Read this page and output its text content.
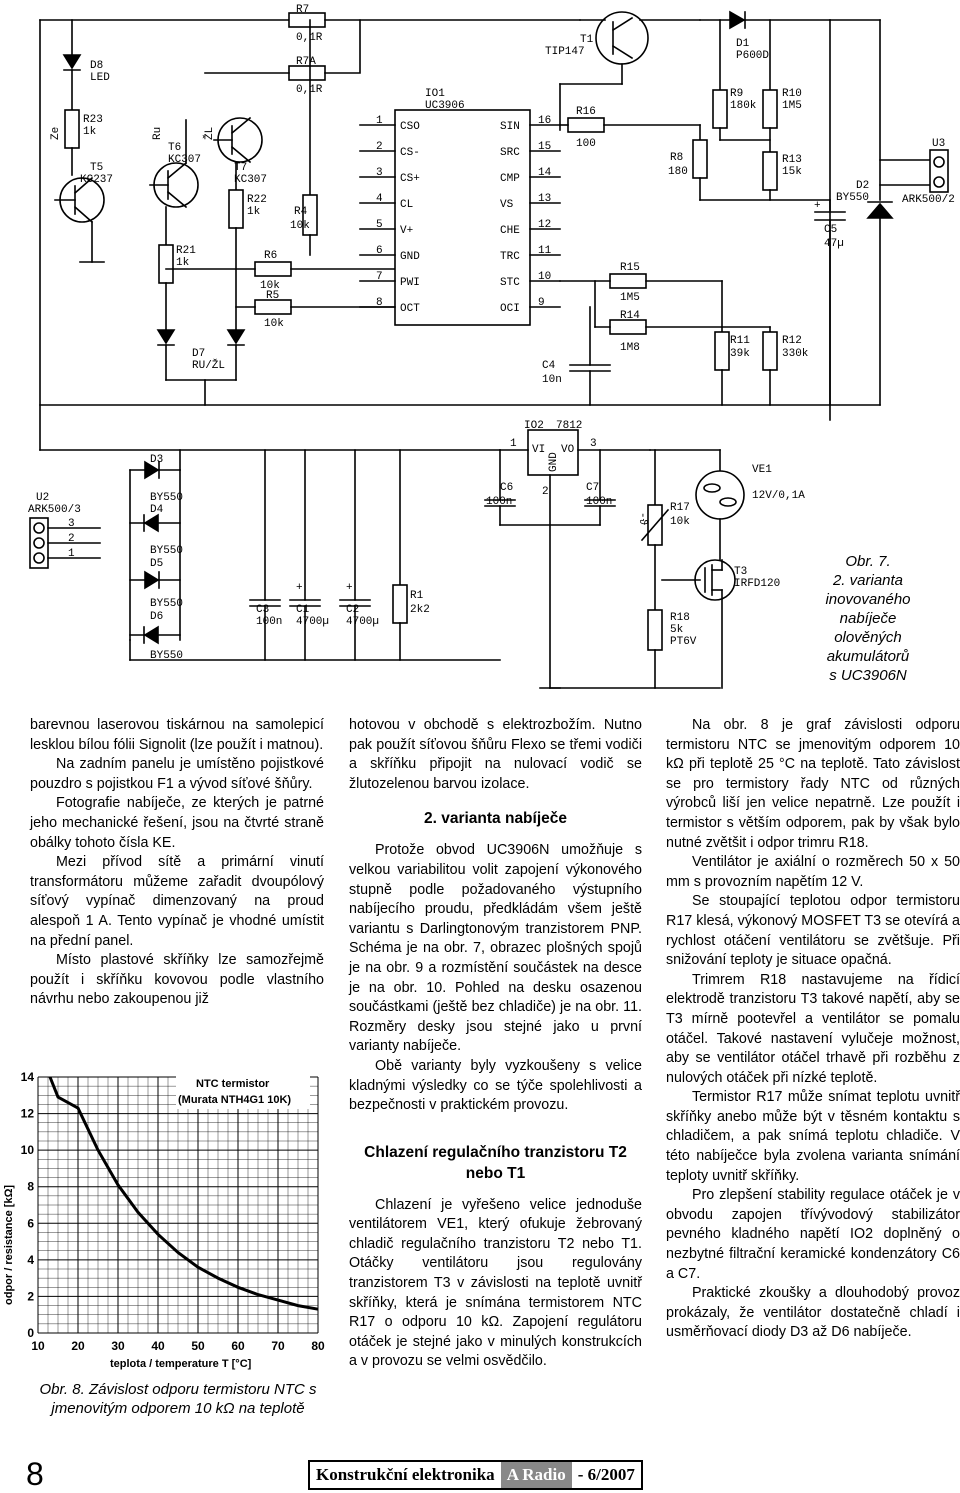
R7
0,1R
R7A
0,1R
T1
TIP147
D1
P600D
D8
LED
R23
1k
Ze
T5
KC237
Ru
T6
KC307
ŽL
T7
KC307
R22
1k	R4
10k
R21
1k
R6
10k
R5
10k
D7
RU/ŽL
IO1
UC3906
CSO
1
CS-
2
CS+
3
CL
4
V+
5
GND
6
PWI
7
OCT
8
SIN 16
SRC 15
CMP 14
VS 13
CHE 12
TRC 11
STC 10
OCI 9
R16
100
R8
180
R9
180k
R10
1M5
R13
15k
R15
1M5
R14
1M8
R11
39k
R12
330k
C4
10n
+
C5
47µ
D2
BY550
U3
ARK500/2
U2
ARK500/3
3
2
1
D3
BY550
D4
BY550
D5
BY550
D6
BY550
C3
100n
+
C1
4700µ
+
C2
4700µ
R1
2k2
IO2 7812
VI VO
GND
1
2
3
C6
100n
C7
100n
-ϑ
R17
10k
VE1
12V/0,1A
T3
IRFD120
R18
5k
PT6V
Obr. 7.
2. varianta
inovovaného
nabíječe
olověných
akumulátorů
s UC3906N

barevnou laserovou tiskárnou na samolepicí lesklou bílou fólii Signolit (lze použít i matnou).

Na zadním panelu je umístěno pojistkové pouzdro s pojistkou F1 a vývod síťové šňůry.

Fotografie nabíječe, ze kterých je patrné jeho mechanické řešení, jsou na čtvrté straně obálky tohoto čísla KE.

Mezi přívod sítě a primární vinutí transformátoru můžeme zařadit dvoupólový síťový vypínač dimenzovaný na proud alespoň 1 A. Tento vypínač je vhodné umístit na přední panel.

Místo plastové skříňky lze samozřejmě použít i skříňku kovovou podle vlastního návrhu nebo zakoupenou již

10 20 30 40 50 60 70 80
0
2
4
6
8
10
12
14	NTC termistor
(Murata NTH4G1 10K)
teplota / temperature T [°C]
odpor / resistance [kΩ]
Obr. 8. Závislost odporu termistoru NTC s jmenovitým odporem 10 kΩ na teplotě

hotovou v obchodě s elektrozbožím. Nutno pak použít síťovou šňůru Flexo se třemi vodiči a skříňku připojit na nulovací vodič se žlutozelenou barvou izolace.

2. varianta nabíječe

Protože obvod UC3906N umožňuje s velkou variabilitou volit zapojení výkonového stupně podle požadovaného výstupního nabíjecího proudu, předkládám všem ještě variantu s Darlingtonovým tranzistorem PNP. Schéma je na obr. 7, obrazec plošných spojů je na obr. 9 a rozmístění součástek na desce je na obr. 10. Pohled na desku osazenou součástkami (ještě bez chladiče) je na obr. 11. Rozměry desky jsou stejné jako u první varianty nabíječe.

Obě varianty byly vyzkoušeny s velice kladnými výsledky co se týče spolehlivosti a bezpečnosti v praktickém provozu.

Chlazení regulačního tranzistoru T2 nebo T1

Chlazení je vyřešeno velice jednoduše ventilátorem VE1, který ofukuje žebrovaný chladič regulačního tranzistoru T2 nebo T1. Otáčky ventilátoru jsou regulovány tranzistorem T3 v závislosti na teplotě uvnitř skříňky, která je snímána termistorem NTC R17 o odporu 10 kΩ. Zapojení regulátoru otáček je stejné jako v minulých konstrukcích a v provozu se velmi osvědčilo.

Na obr. 8 je graf závislosti odporu termistoru NTC se jmenovitým odporem 10 kΩ při teplotě 25 °C na teplotě. Tato závislost se pro termistory řady NTC od různých výrobců liší jen velice nepatrně. Lze použít i termistor s větším odporem, pak by však bylo nutné zvětšit i odpor trimru R18.

Ventilátor je axiální o rozměrech 50 x 50 mm s provozním napětím 12 V.

Se stoupající teplotou odpor termistoru R17 klesá, výkonový MOSFET T3 se otevírá a rychlost otáčení ventilátoru se zvětšuje. Při snižování teploty je situace opačná.

Trimrem R18 nastavujeme na řídicí elektrodě tranzistoru T3 takové napětí, aby se T3 mírně pootevřel a ventilátor se pomalu otáčel. Takové nastavení vylučeje možnost, aby se ventilátor otáčel trhavě při rozběhu z nulových otáček při nízké teplotě.

Termistor R17 může snímat teplotu uvnitř skříňky anebo může být v těsném kontaktu s chladičem, a pak snímá teplotu chladiče. V této nabíječce byla zvolena varianta snímání teploty uvnitř skříňky.

Pro zlepšení stability regulace otáček je v obvodu zapojen třívývodový stabilizátor pevného kladného napětí IO2 doplněný o nezbytné filtrační keramické kondenzátory C6 a C7.

Praktické zkoušky a dlouhodobý provoz prokázaly, že ventilátor dostatečně chladí i usměrňovací diody D3 až D6 nabíječe.

8	Konstrukční elektronika A Radio - 6/2007
